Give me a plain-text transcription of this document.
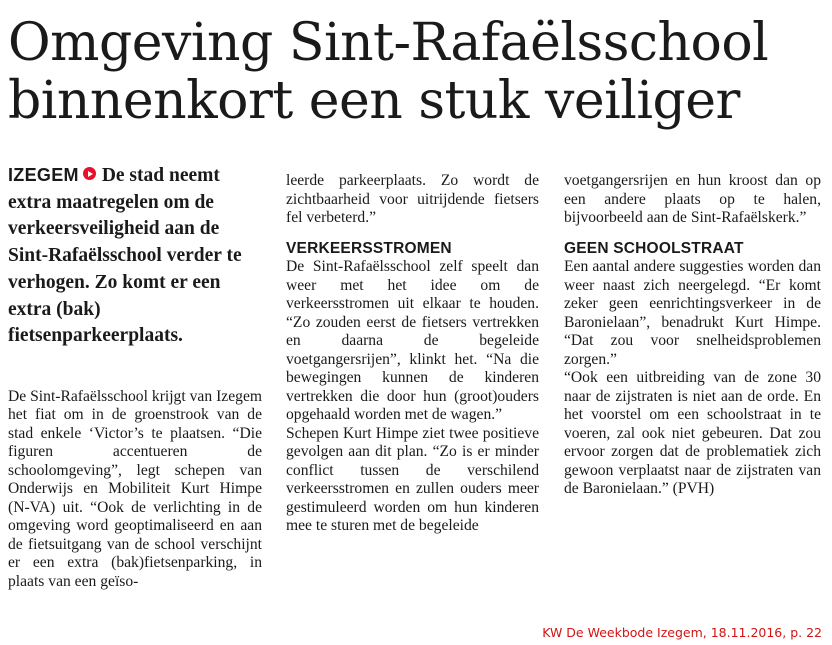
Omgeving Sint-Rafaëlsschool
binnenkort een stuk veiliger

IZEGEM De stad neemt extra maatregelen om de verkeersveiligheid aan de Sint-Rafaëlsschool verder te verhogen. Zo komt er een extra (bak) fietsenparkeerplaats.

De Sint-Rafaëlsschool krijgt van Izegem het fiat om in de groenstrook van de stad enkele ‘Victor’s te plaatsen. “Die figuren accentueren de schoolomgeving”, legt schepen van Onderwijs en Mobiliteit Kurt Himpe (N-VA) uit. “Ook de verlichting in de omgeving word geoptimaliseerd en aan de fietsuitgang van de school verschijnt er een extra (bak)fietsenparking, in plaats van een geïso-

leerde parkeerplaats. Zo wordt de zichtbaarheid voor uitrijdende fietsers fel verbeterd.”

VERKEERSSTROMEN

De Sint-Rafaëlsschool zelf speelt dan weer met het idee om de verkeersstromen uit elkaar te houden. “Zo zouden eerst de fietsers vertrekken en daarna de begeleide voetgangersrijen”, klinkt het. “Na die bewegingen kunnen de kinderen vertrekken die door hun (groot)ouders opgehaald worden met de wagen.”

Schepen Kurt Himpe ziet twee positieve gevolgen aan dit plan. “Zo is er minder conflict tussen de verschilend verkeersstromen en zullen ouders meer gestimuleerd worden om hun kinderen mee te sturen met de begeleide

voetgangersrijen en hun kroost dan op een andere plaats op te halen, bijvoorbeeld aan de Sint-Rafaëlskerk.”

GEEN SCHOOLSTRAAT

Een aantal andere suggesties worden dan weer naast zich neergelegd. “Er komt zeker geen eenrichtingsverkeer in de Baronielaan”, benadrukt Kurt Himpe. “Dat zou voor snelheidsproblemen zorgen.”

“Ook een uitbreiding van de zone 30 naar de zijstraten is niet aan de orde. En het voorstel om een schoolstraat in te voeren, zal ook niet gebeuren. Dat zou ervoor zorgen dat de problematiek zich gewoon verplaatst naar de zijstraten van de Baronielaan.” (PVH)

KW De Weekbode Izegem, 18.11.2016, p. 22
